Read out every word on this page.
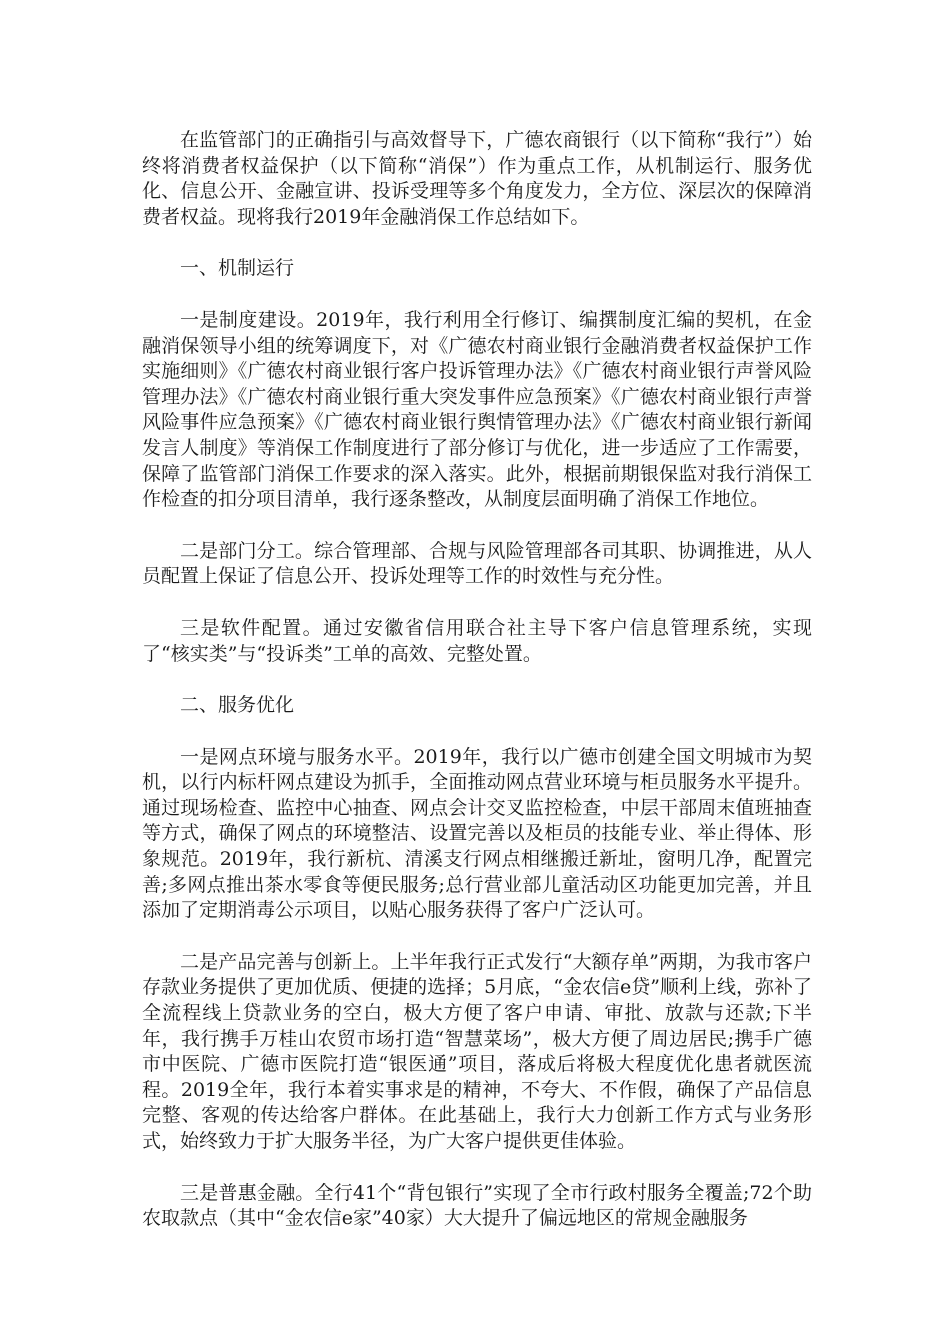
在监管部门的正确指引与高效督导下，广德农商银行（以下简称“我行”）始终将消费者权益保护（以下简称“消保”）作为重点工作，从机制运行、服务优化、信息公开、金融宣讲、投诉受理等多个角度发力，全方位、深层次的保障消费者权益。现将我行2019年金融消保工作总结如下。

一、机制运行

一是制度建设。2019年，我行利用全行修订、编撰制度汇编的契机，在金融消保领导小组的统筹调度下，对《广德农村商业银行金融消费者权益保护工作实施细则》《广德农村商业银行客户投诉管理办法》《广德农村商业银行声誉风险管理办法》《广德农村商业银行重大突发事件应急预案》《广德农村商业银行声誉风险事件应急预案》《广德农村商业银行舆情管理办法》《广德农村商业银行新闻发言人制度》等消保工作制度进行了部分修订与优化，进一步适应了工作需要，保障了监管部门消保工作要求的深入落实。此外，根据前期银保监对我行消保工作检查的扣分项目清单，我行逐条整改，从制度层面明确了消保工作地位。

二是部门分工。综合管理部、合规与风险管理部各司其职、协调推进，从人员配置上保证了信息公开、投诉处理等工作的时效性与充分性。

三是软件配置。通过安徽省信用联合社主导下客户信息管理系统，实现了“核实类”与“投诉类”工单的高效、完整处置。

二、服务优化

一是网点环境与服务水平。2019年，我行以广德市创建全国文明城市为契机，以行内标杆网点建设为抓手，全面推动网点营业环境与柜员服务水平提升。通过现场检查、监控中心抽查、网点会计交叉监控检查，中层干部周末值班抽查等方式，确保了网点的环境整洁、设置完善以及柜员的技能专业、举止得体、形象规范。2019年，我行新杭、清溪支行网点相继搬迁新址，窗明几净，配置完善;多网点推出茶水零食等便民服务;总行营业部儿童活动区功能更加完善，并且添加了定期消毒公示项目，以贴心服务获得了客户广泛认可。

二是产品完善与创新上。上半年我行正式发行“大额存单”两期，为我市客户存款业务提供了更加优质、便捷的选择；5月底，“金农信e贷”顺利上线，弥补了全流程线上贷款业务的空白，极大方便了客户申请、审批、放款与还款;下半年，我行携手万桂山农贸市场打造“智慧菜场”，极大方便了周边居民;携手广德市中医院、广德市医院打造“银医通”项目，落成后将极大程度优化患者就医流程。2019全年，我行本着实事求是的精神，不夸大、不作假，确保了产品信息完整、客观的传达给客户群体。在此基础上，我行大力创新工作方式与业务形式，始终致力于扩大服务半径，为广大客户提供更佳体验。

三是普惠金融。全行41个“背包银行”实现了全市行政村服务全覆盖;72个助农取款点（其中“金农信e家”40家）大大提升了偏远地区的常规金融服务
